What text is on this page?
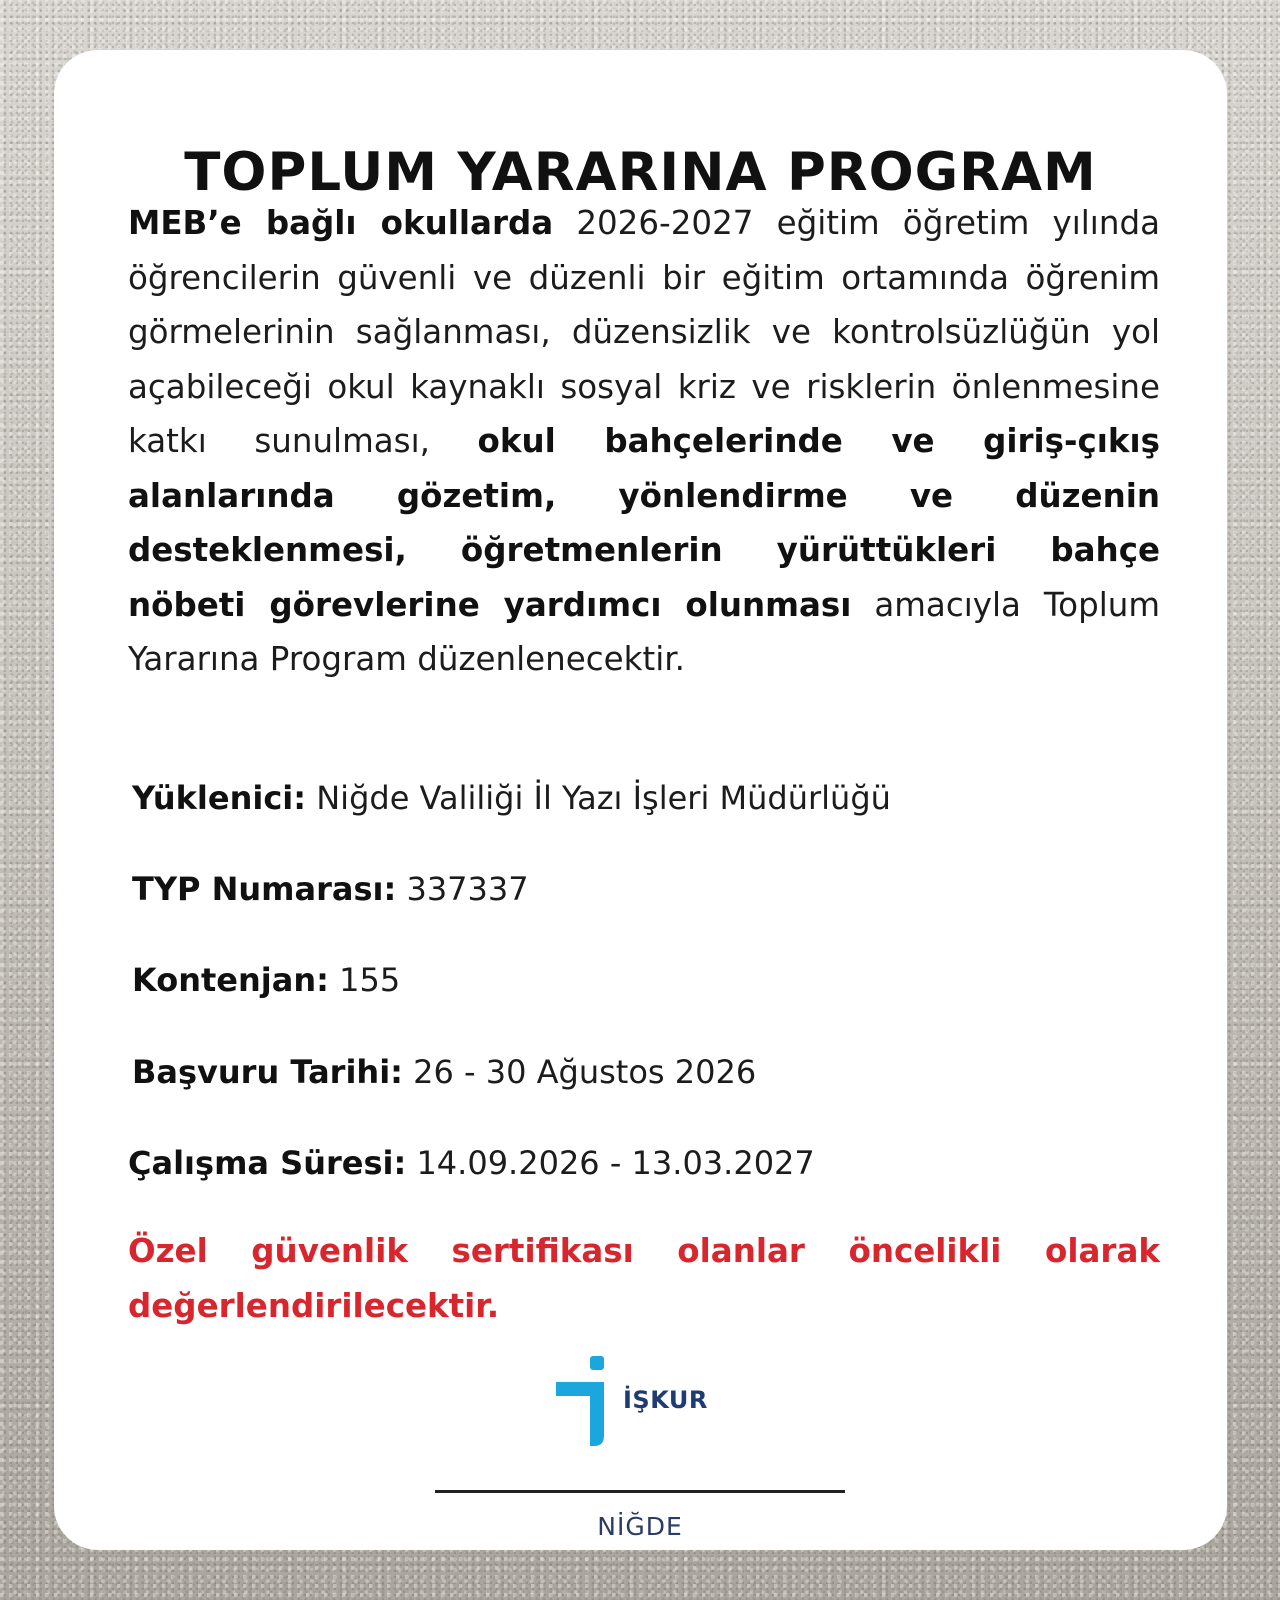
TOPLUM YARARINA PROGRAM

MEB’e bağlı okullarda 2026-2027 eğitim öğretim yılında öğrencilerin güvenli ve düzenli bir eğitim ortamında öğrenim görmelerinin sağlanması, düzensizlik ve kontrolsüzlüğün yol açabileceği okul kaynaklı sosyal kriz ve risklerin önlenmesine katkı sunulması, okul bahçelerinde ve giriş-çıkış alanlarında gözetim, yönlendirme ve düzenin desteklenmesi, öğretmenlerin yürüttükleri bahçe nöbeti görevlerine yardımcı olunması amacıyla Toplum Yararına Program düzenlenecektir.

Yüklenici: Niğde Valiliği İl Yazı İşleri Müdürlüğü
TYP Numarası: 337337
Kontenjan: 155
Başvuru Tarihi: 26 - 30 Ağustos 2026
Çalışma Süresi: 14.09.2026 - 13.03.2027

Özel güvenlik sertifikası olanlar öncelikli olarak değerlendirilecektir.

İŞKUR
NİĞDE
